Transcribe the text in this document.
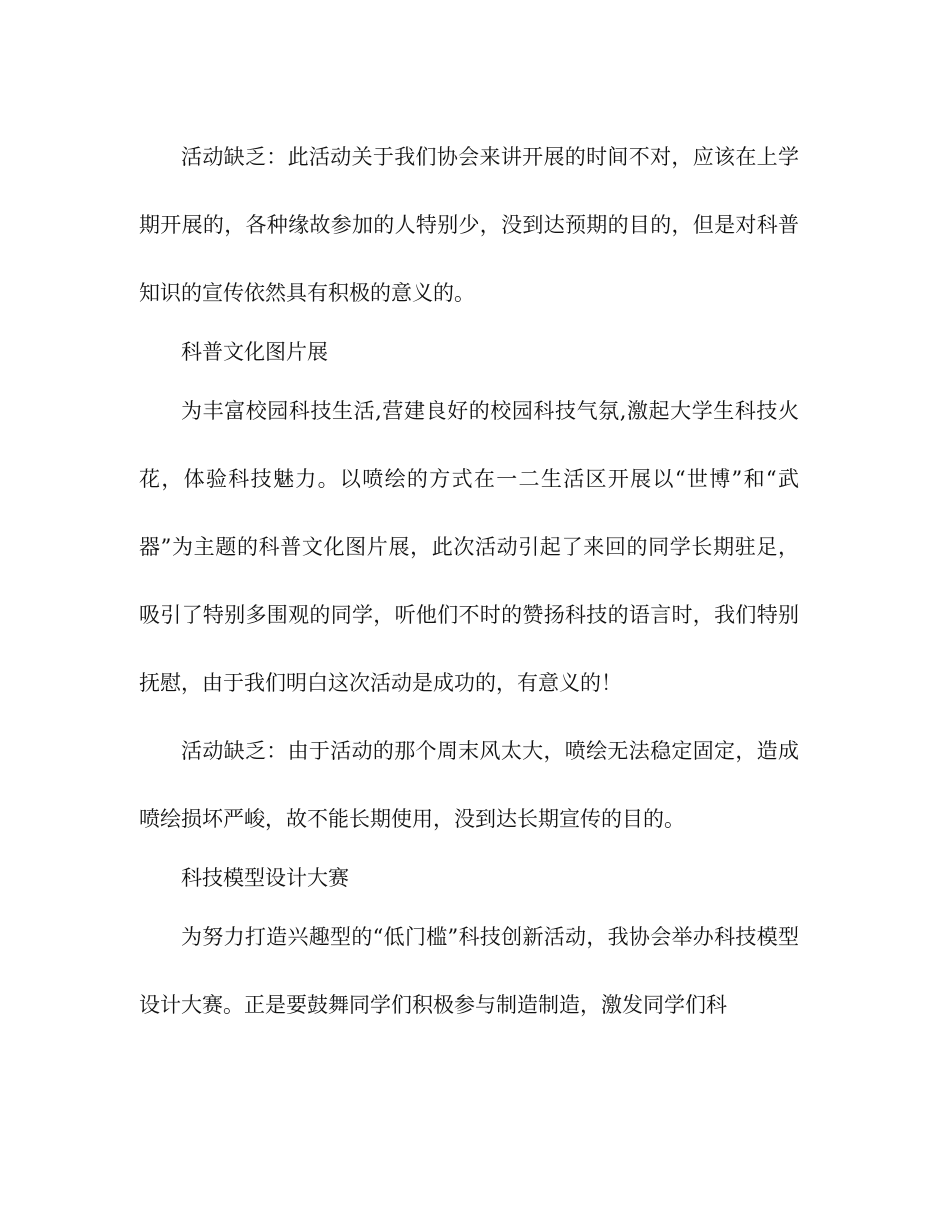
活动缺乏：此活动关于我们协会来讲开展的时间不对，应该在上学期开展的，各种缘故参加的人特别少，没到达预期的目的，但是对科普知识的宣传依然具有积极的意义的。

科普文化图片展

为丰富校园科技生活,营建良好的校园科技气氛,激起大学生科技火花，体验科技魅力。以喷绘的方式在一二生活区开展以“世博”和“武器”为主题的科普文化图片展，此次活动引起了来回的同学长期驻足，吸引了特别多围观的同学，听他们不时的赞扬科技的语言时，我们特别抚慰，由于我们明白这次活动是成功的，有意义的！

活动缺乏：由于活动的那个周末风太大，喷绘无法稳定固定，造成喷绘损坏严峻，故不能长期使用，没到达长期宣传的目的。

科技模型设计大赛

为努力打造兴趣型的“低门槛”科技创新活动，我协会举办科技模型设计大赛。正是要鼓舞同学们积极参与制造制造，激发同学们科
